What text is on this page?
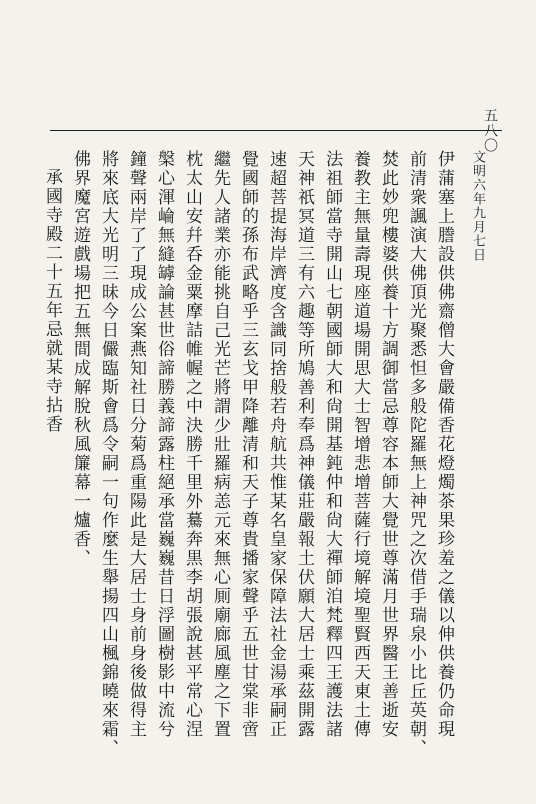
五八〇

文明六年九月七日

伊蒲塞上謄設供佛齋僧大會嚴備香花燈燭茶果珍羞之儀以伸供養仍命現

前清衆諷演大佛頂光聚悉怛多般陀羅無上神咒之次借手瑞泉小比丘英朝、

焚此妙兜樓婆供養十方調御當忌尊容本師大覺世尊滿月世界醫王善逝安

養教主無量壽現座道場開思大士智增悲增菩薩行境解境聖賢西天東土傳

法祖師當寺開山七朝國師大和尙開基鈍仲和尙大禪師洎梵釋四王護法諸

天神祇冥道三有六趣等所鳩善利奉爲神儀莊嚴報土伏願大居士乘茲開露

速超菩提海岸濟度含識同捨般若舟航共惟某名皇家保障法社金湯承嗣正

覺國師的孫布武略乎三玄戈甲降離清和天子尊貴播家聲乎五世甘棠非啻

繼先人諸業亦能挑自己光芒將謂少壯羅病恙元來無心厠廟廊風塵之下置

枕太山安幷呑金粟摩詰帷幄之中決勝千里外驀奔黒李胡張說甚平常心涅

槃心渾崘無縫罅論甚世俗諦勝義諦露柱絕承當巍巍昔日浮圖樹影中流兮

鐘聲兩岸了了現成公案燕知社日分菊爲重陽此是大居士身前身後做得主

將來底大光明三昧今日儼臨斯會爲令嗣一句作麼生舉揚四山楓錦曉來霜、

佛界魔宮遊戲場把五無間成解脫秋風簾幕一爐香、

承國寺殿二十五年忌就某寺拈香
